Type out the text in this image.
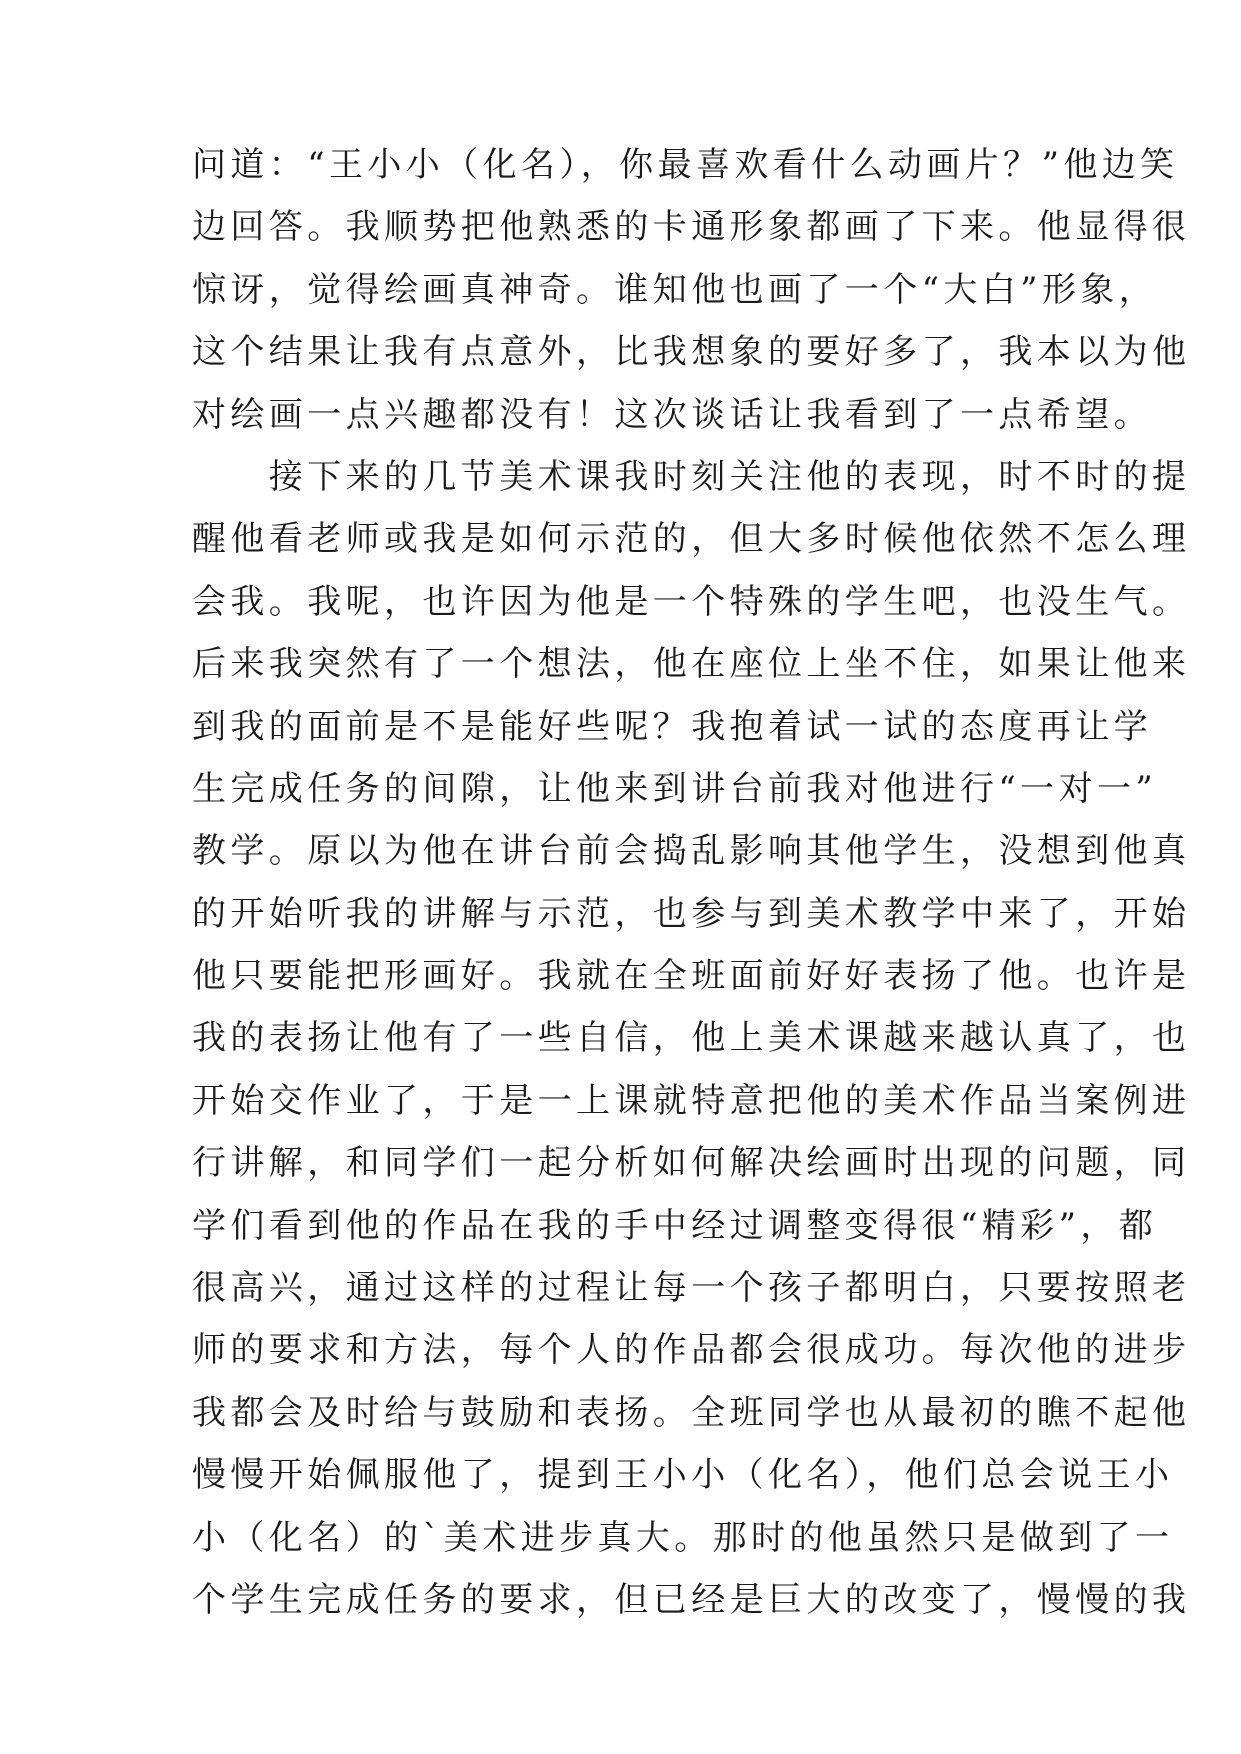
问道：“王小小（化名），你最喜欢看什么动画片？”他边笑

边回答。我顺势把他熟悉的卡通形象都画了下来。他显得很

惊讶，觉得绘画真神奇。谁知他也画了一个“大白”形象，

这个结果让我有点意外，比我想象的要好多了，我本以为他

对绘画一点兴趣都没有！这次谈话让我看到了一点希望。

　　接下来的几节美术课我时刻关注他的表现，时不时的提

醒他看老师或我是如何示范的，但大多时候他依然不怎么理

会我。我呢，也许因为他是一个特殊的学生吧，也没生气。

后来我突然有了一个想法，他在座位上坐不住，如果让他来

到我的面前是不是能好些呢？我抱着试一试的态度再让学

生完成任务的间隙，让他来到讲台前我对他进行“一对一”

教学。原以为他在讲台前会捣乱影响其他学生，没想到他真

的开始听我的讲解与示范，也参与到美术教学中来了，开始

他只要能把形画好。我就在全班面前好好表扬了他。也许是

我的表扬让他有了一些自信，他上美术课越来越认真了，也

开始交作业了，于是一上课就特意把他的美术作品当案例进

行讲解，和同学们一起分析如何解决绘画时出现的问题，同

学们看到他的作品在我的手中经过调整变得很“精彩”，都

很高兴，通过这样的过程让每一个孩子都明白，只要按照老

师的要求和方法，每个人的作品都会很成功。每次他的进步

我都会及时给与鼓励和表扬。全班同学也从最初的瞧不起他

慢慢开始佩服他了，提到王小小（化名），他们总会说王小

小（化名）的`美术进步真大。那时的他虽然只是做到了一

个学生完成任务的要求，但已经是巨大的改变了，慢慢的我
